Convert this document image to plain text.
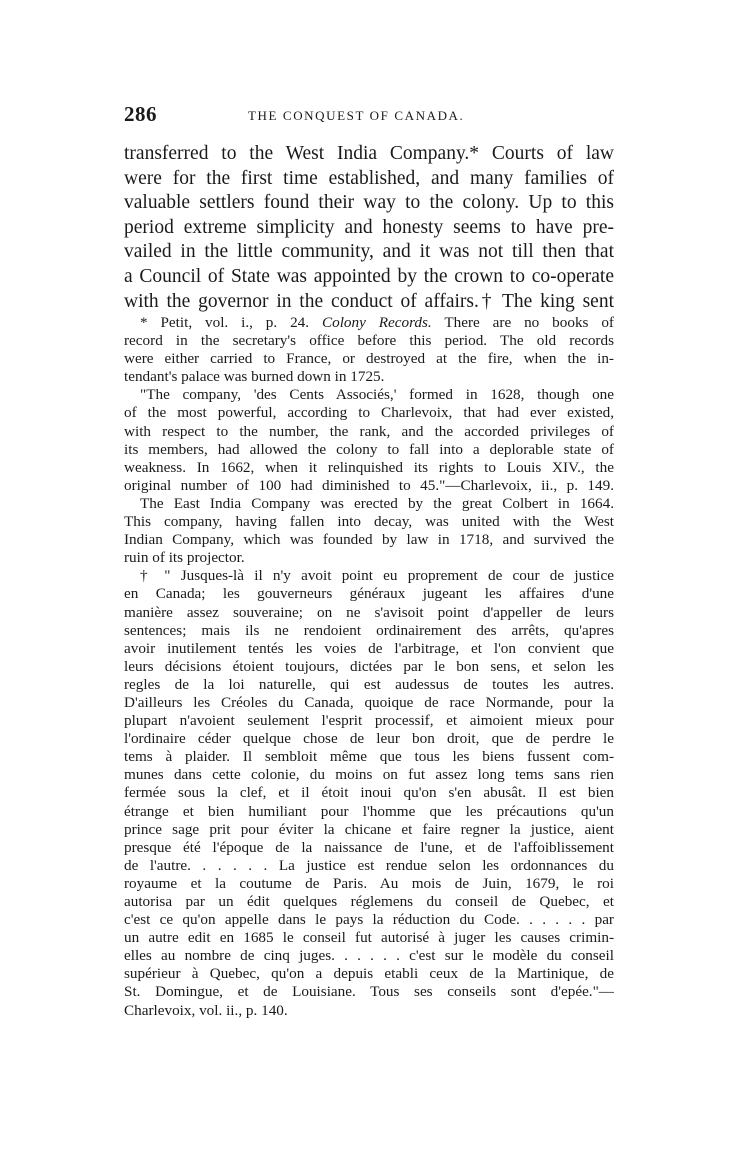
286	THE CONQUEST OF CANADA.
transferred to the West India Company.* Courts of law
were for the first time established, and many families of
valuable settlers found their way to the colony. Up to this
period extreme simplicity and honesty seems to have pre-
vailed in the little community, and it was not till then that
a Council of State was appointed by the crown to co-operate
with the governor in the conduct of affairs.† The king sent
* Petit, vol. i., p. 24. Colony Records. There are no books of
record in the secretary's office before this period. The old records
were either carried to France, or destroyed at the fire, when the in-
tendant's palace was burned down in 1725.
"The company, 'des Cents Associés,' formed in 1628, though one
of the most powerful, according to Charlevoix, that had ever existed,
with respect to the number, the rank, and the accorded privileges of
its members, had allowed the colony to fall into a deplorable state of
weakness. In 1662, when it relinquished its rights to Louis XIV., the
original number of 100 had diminished to 45."—Charlevoix, ii., p. 149.
The East India Company was erected by the great Colbert in 1664.
This company, having fallen into decay, was united with the West
Indian Company, which was founded by law in 1718, and survived the
ruin of its projector.
† " Jusques-là il n'y avoit point eu proprement de cour de justice
en Canada; les gouverneurs généraux jugeant les affaires d'une
manière assez souveraine; on ne s'avisoit point d'appeller de leurs
sentences; mais ils ne rendoient ordinairement des arrêts, qu'apres
avoir inutilement tentés les voies de l'arbitrage, et l'on convient que
leurs décisions étoient toujours, dictées par le bon sens, et selon les
regles de la loi naturelle, qui est audessus de toutes les autres.
D'ailleurs les Créoles du Canada, quoique de race Normande, pour la
plupart n'avoient seulement l'esprit processif, et aimoient mieux pour
l'ordinaire céder quelque chose de leur bon droit, que de perdre le
tems à plaider. Il sembloit même que tous les biens fussent com-
munes dans cette colonie, du moins on fut assez long tems sans rien
fermée sous la clef, et il étoit inoui qu'on s'en abusât. Il est bien
étrange et bien humiliant pour l'homme que les précautions qu'un
prince sage prit pour éviter la chicane et faire regner la justice, aient
presque été l'époque de la naissance de l'une, et de l'affoiblissement
de l'autre. . . . . . La justice est rendue selon les ordonnances du
royaume et la coutume de Paris. Au mois de Juin, 1679, le roi
autorisa par un édit quelques réglemens du conseil de Quebec, et
c'est ce qu'on appelle dans le pays la réduction du Code. . . . . . par
un autre edit en 1685 le conseil fut autorisé à juger les causes crimin-
elles au nombre de cinq juges. . . . . . c'est sur le modèle du conseil
supérieur à Quebec, qu'on a depuis etabli ceux de la Martinique, de
St. Domingue, et de Louisiane. Tous ses conseils sont d'epée."—
Charlevoix, vol. ii., p. 140.
